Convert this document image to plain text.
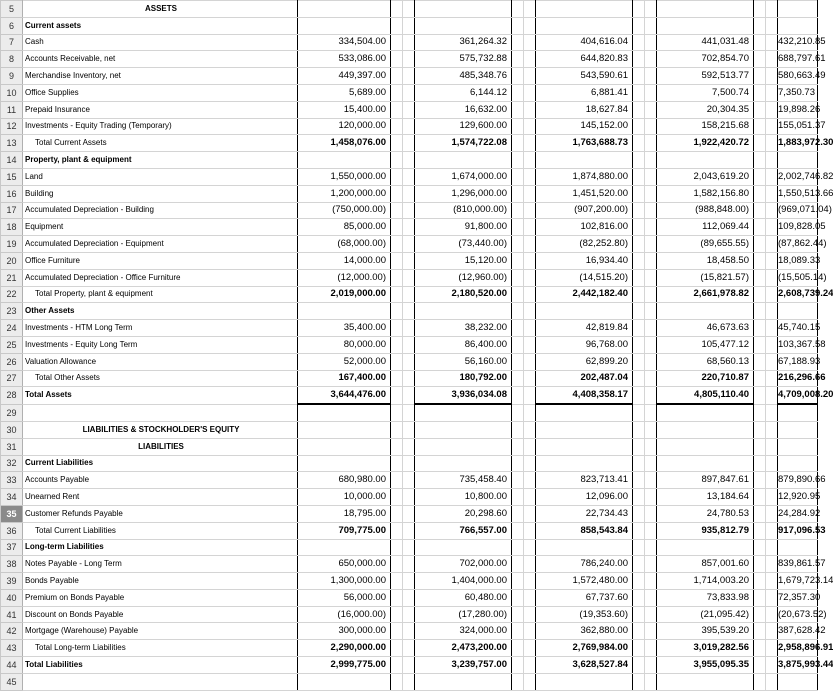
5	ASSETS													
6	Current assets													
7	Cash	334,504.00			361,264.32			404,616.04			441,031.48			432,210.85
8	Accounts Receivable, net	533,086.00			575,732.88			644,820.83			702,854.70			688,797.61
9	Merchandise Inventory, net	449,397.00			485,348.76			543,590.61			592,513.77			580,663.49
10	Office Supplies	5,689.00			6,144.12			6,881.41			7,500.74			7,350.73
11	Prepaid Insurance	15,400.00			16,632.00			18,627.84			20,304.35			19,898.26
12	Investments - Equity Trading (Temporary)	120,000.00			129,600.00			145,152.00			158,215.68			155,051.37
13	Total Current Assets	1,458,076.00			1,574,722.08			1,763,688.73			1,922,420.72			1,883,972.30
14	Property, plant & equipment													
15	Land	1,550,000.00			1,674,000.00			1,874,880.00			2,043,619.20			2,002,746.82
16	Building	1,200,000.00			1,296,000.00			1,451,520.00			1,582,156.80			1,550,513.66
17	Accumulated Depreciation - Building	(750,000.00)			(810,000.00)			(907,200.00)			(988,848.00)			(969,071.04)
18	Equipment	85,000.00			91,800.00			102,816.00			112,069.44			109,828.05
19	Accumulated Depreciation - Equipment	(68,000.00)			(73,440.00)			(82,252.80)			(89,655.55)			(87,862.44)
20	Office Furniture	14,000.00			15,120.00			16,934.40			18,458.50			18,089.33
21	Accumulated Depreciation - Office Furniture	(12,000.00)			(12,960.00)			(14,515.20)			(15,821.57)			(15,505.14)
22	Total Property, plant & equipment	2,019,000.00			2,180,520.00			2,442,182.40			2,661,978.82			2,608,739.24
23	Other Assets													
24	Investments - HTM Long Term	35,400.00			38,232.00			42,819.84			46,673.63			45,740.15
25	Investments - Equity Long Term	80,000.00			86,400.00			96,768.00			105,477.12			103,367.58
26	Valuation Allowance	52,000.00			56,160.00			62,899.20			68,560.13			67,188.93
27	Total Other Assets	167,400.00			180,792.00			202,487.04			220,710.87			216,296.66
28	Total Assets	3,644,476.00			3,936,034.08			4,408,358.17			4,805,110.40			4,709,008.20
29														
30	LIABILITIES & STOCKHOLDER'S EQUITY													
31	LIABILITIES													
32	Current Liabilities													
33	Accounts Payable	680,980.00			735,458.40			823,713.41			897,847.61			879,890.66
34	Unearned Rent	10,000.00			10,800.00			12,096.00			13,184.64			12,920.95
35	Customer Refunds Payable	18,795.00			20,298.60			22,734.43			24,780.53			24,284.92
36	Total Current Liabilities	709,775.00			766,557.00			858,543.84			935,812.79			917,096.53
37	Long-term Liabilities													
38	Notes Payable - Long Term	650,000.00			702,000.00			786,240.00			857,001.60			839,861.57
39	Bonds Payable	1,300,000.00			1,404,000.00			1,572,480.00			1,714,003.20			1,679,723.14
40	Premium on Bonds Payable	56,000.00			60,480.00			67,737.60			73,833.98			72,357.30
41	Discount on Bonds Payable	(16,000.00)			(17,280.00)			(19,353.60)			(21,095.42)			(20,673.52)
42	Mortgage (Warehouse) Payable	300,000.00			324,000.00			362,880.00			395,539.20			387,628.42
43	Total Long-term Liabilities	2,290,000.00			2,473,200.00			2,769,984.00			3,019,282.56			2,958,896.91
44	Total Liabilities	2,999,775.00			3,239,757.00			3,628,527.84			3,955,095.35			3,875,993.44
45														
